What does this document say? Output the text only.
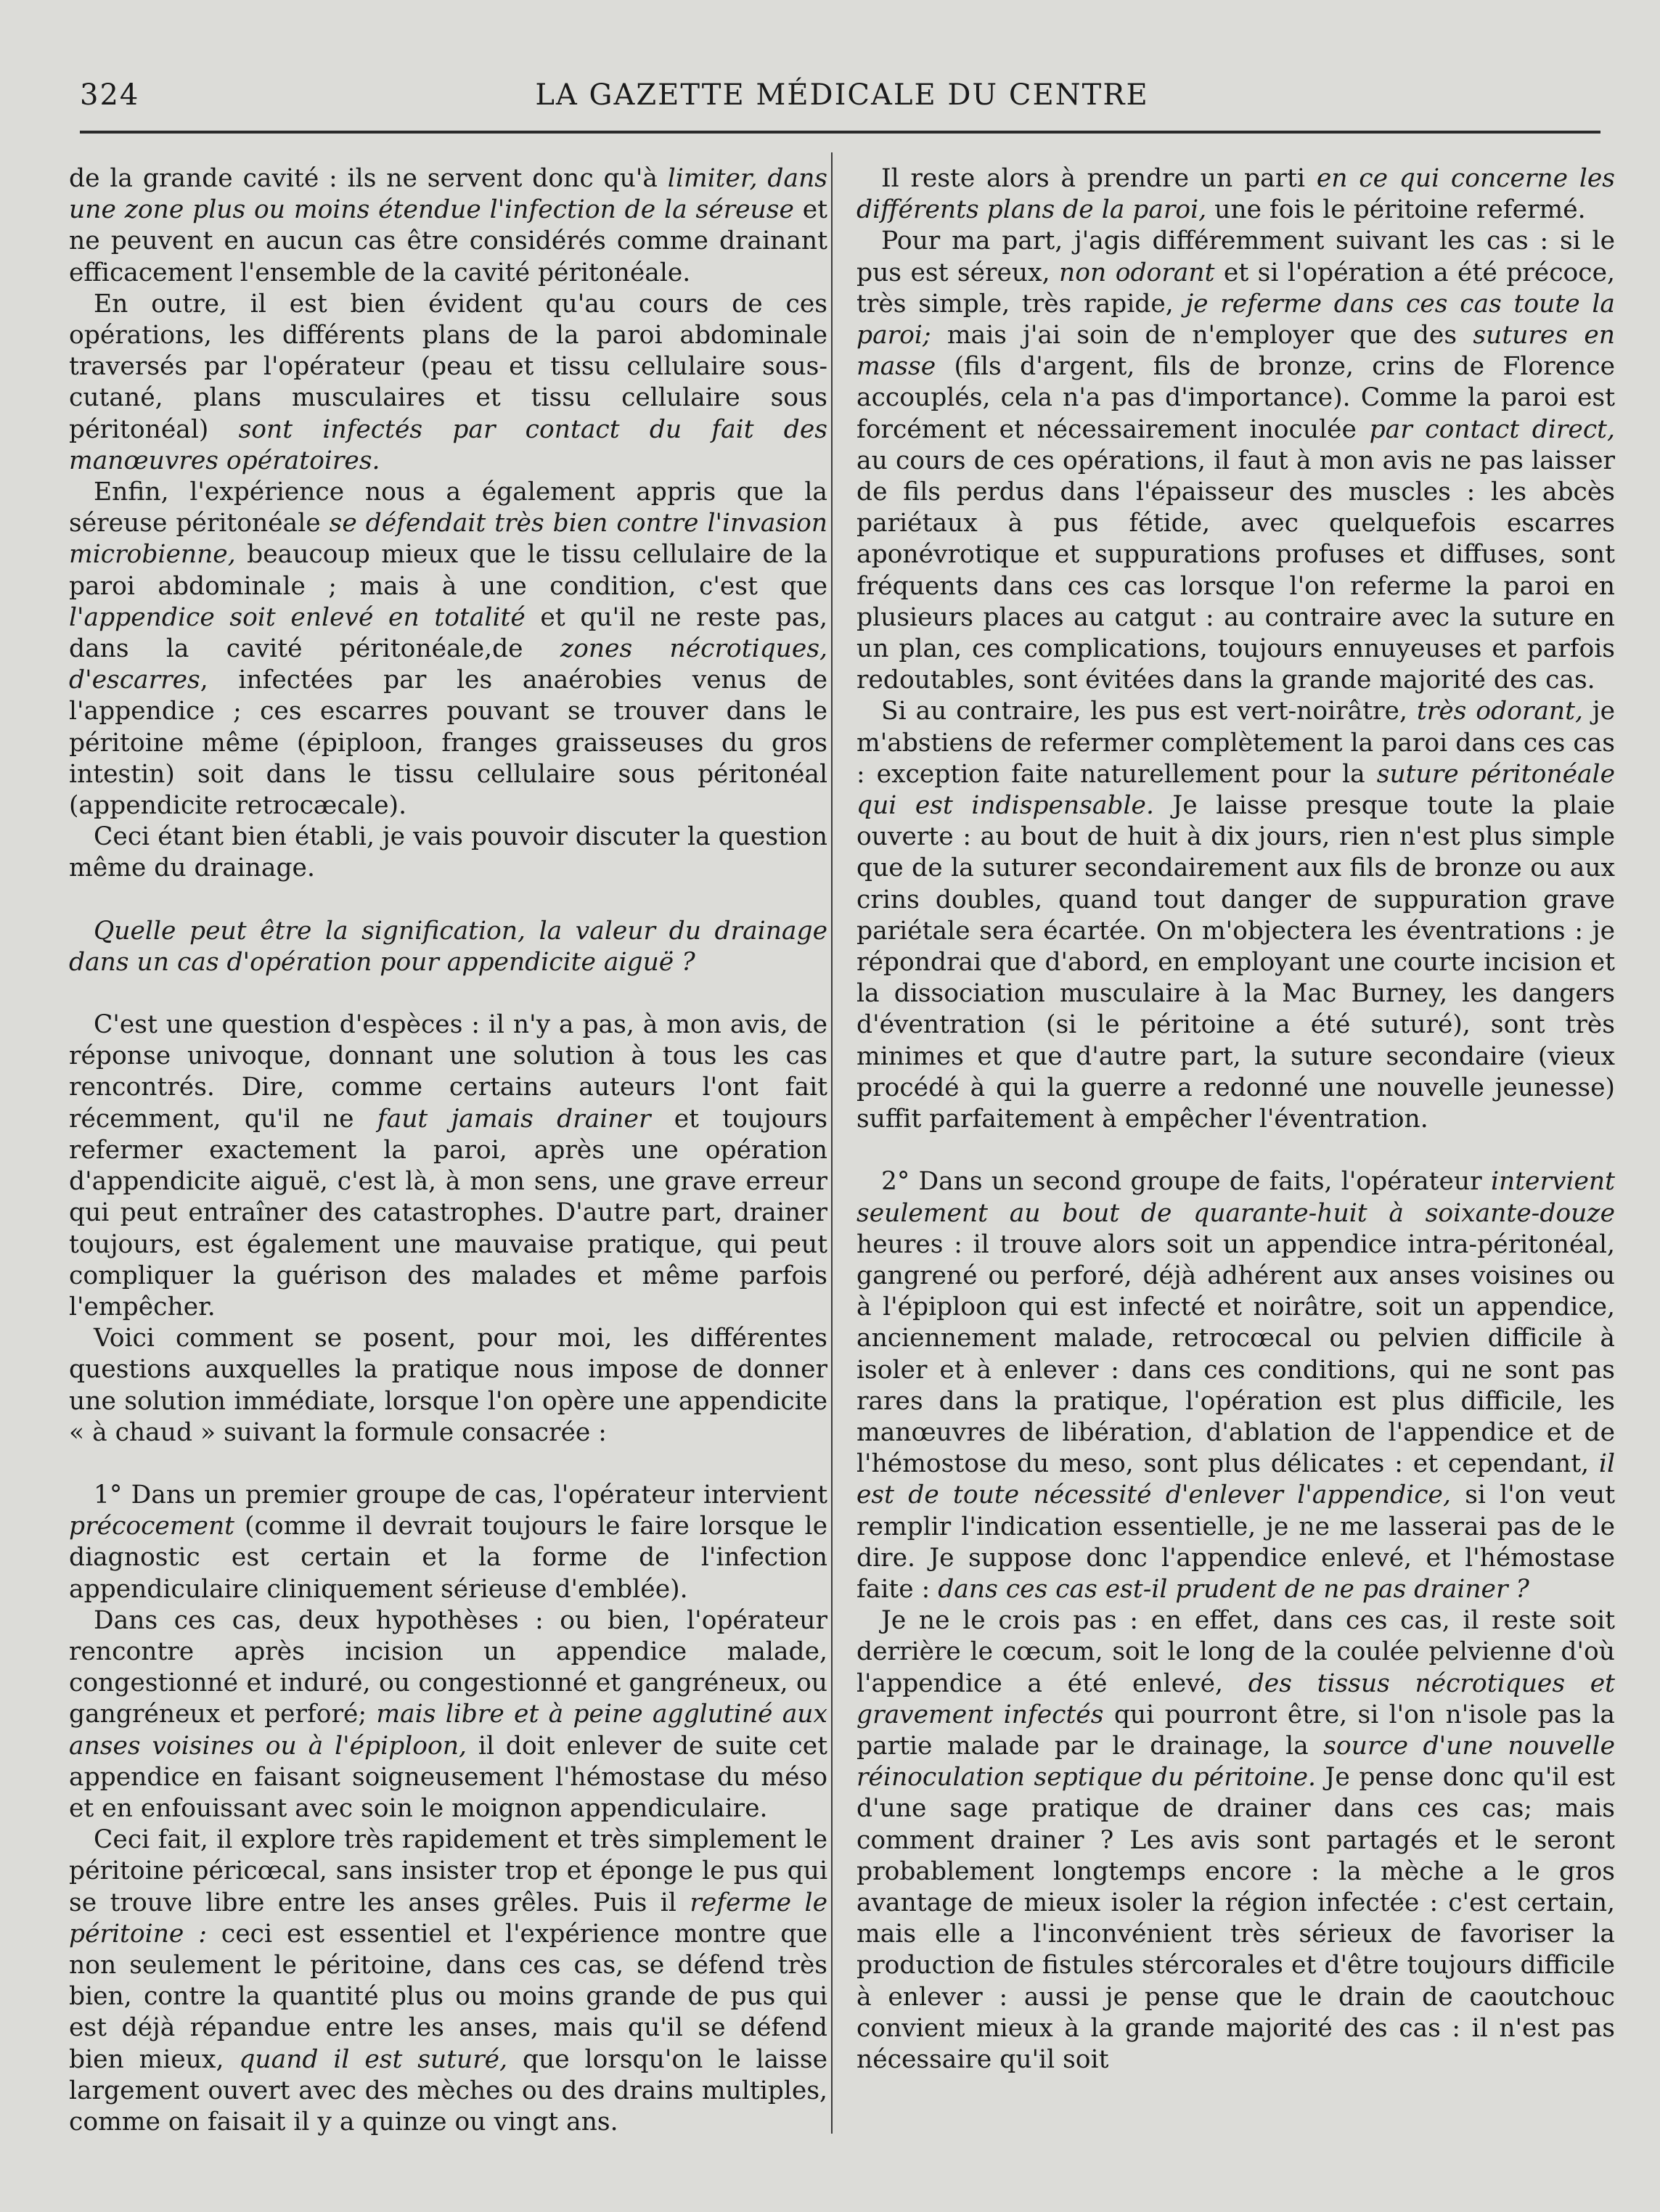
324	LA GAZETTE MÉDICALE DU CENTRE

de la grande cavité : ils ne servent donc qu'à limiter, dans une zone plus ou moins étendue l'infection de la séreuse et ne peuvent en aucun cas être considérés comme drainant efficacement l'ensemble de la cavité péritonéale.

En outre, il est bien évident qu'au cours de ces opérations, les différents plans de la paroi abdominale traversés par l'opérateur (peau et tissu cellulaire sous-cutané, plans musculaires et tissu cellulaire sous péritonéal) sont infectés par contact du fait des manœuvres opératoires.

Enfin, l'expérience nous a également appris que la séreuse péritonéale se défendait très bien contre l'invasion microbienne, beaucoup mieux que le tissu cellulaire de la paroi abdominale ; mais à une condition, c'est que l'appendice soit enlevé en totalité et qu'il ne reste pas, dans la cavité péritonéale,de zones nécrotiques, d'escarres, infectées par les anaérobies venus de l'appendice ; ces escarres pouvant se trouver dans le péritoine même (épiploon, franges graisseuses du gros intestin) soit dans le tissu cellulaire sous péritonéal (appendicite retrocæcale).

Ceci étant bien établi, je vais pouvoir discuter la question même du drainage.

Quelle peut être la signification, la valeur du drainage dans un cas d'opération pour appendicite aiguë ?

C'est une question d'espèces : il n'y a pas, à mon avis, de réponse univoque, donnant une solution à tous les cas rencontrés. Dire, comme certains auteurs l'ont fait récemment, qu'il ne faut jamais drainer et toujours refermer exactement la paroi, après une opération d'appendicite aiguë, c'est là, à mon sens, une grave erreur qui peut entraîner des catastrophes. D'autre part, drainer toujours, est également une mauvaise pratique, qui peut compliquer la guérison des malades et même parfois l'empêcher.

Voici comment se posent, pour moi, les différentes questions auxquelles la pratique nous impose de donner une solution immédiate, lorsque l'on opère une appendicite « à chaud » suivant la formule consacrée :

1° Dans un premier groupe de cas, l'opérateur intervient précocement (comme il devrait toujours le faire lorsque le diagnostic est certain et la forme de l'infection appendiculaire cliniquement sérieuse d'emblée).

Dans ces cas, deux hypothèses : ou bien, l'opérateur rencontre après incision un appendice malade, congestionné et induré, ou congestionné et gangréneux, ou gangréneux et perforé; mais libre et à peine agglutiné aux anses voisines ou à l'épiploon, il doit enlever de suite cet appendice en faisant soigneusement l'hémostase du méso et en enfouissant avec soin le moignon appendiculaire.

Ceci fait, il explore très rapidement et très simplement le péritoine péricœcal, sans insister trop et éponge le pus qui se trouve libre entre les anses grêles. Puis il referme le péritoine : ceci est essentiel et l'expérience montre que non seulement le péritoine, dans ces cas, se défend très bien, contre la quantité plus ou moins grande de pus qui est déjà répandue entre les anses, mais qu'il se défend bien mieux, quand il est suturé, que lorsqu'on le laisse largement ouvert avec des mèches ou des drains multiples, comme on faisait il y a quinze ou vingt ans.

Il reste alors à prendre un parti en ce qui concerne les différents plans de la paroi, une fois le péritoine refermé.

Pour ma part, j'agis différemment suivant les cas : si le pus est séreux, non odorant et si l'opération a été précoce, très simple, très rapide, je referme dans ces cas toute la paroi; mais j'ai soin de n'employer que des sutures en masse (fils d'argent, fils de bronze, crins de Florence accouplés, cela n'a pas d'importance). Comme la paroi est forcément et nécessairement inoculée par contact direct, au cours de ces opérations, il faut à mon avis ne pas laisser de fils perdus dans l'épaisseur des muscles : les abcès pariétaux à pus fétide, avec quelquefois escarres aponévrotique et suppurations profuses et diffuses, sont fréquents dans ces cas lorsque l'on referme la paroi en plusieurs places au catgut : au contraire avec la suture en un plan, ces complications, toujours ennuyeuses et parfois redoutables, sont évitées dans la grande majorité des cas.

Si au contraire, les pus est vert-noirâtre, très odorant, je m'abstiens de refermer complètement la paroi dans ces cas : exception faite naturellement pour la suture péritonéale qui est indispensable. Je laisse presque toute la plaie ouverte : au bout de huit à dix jours, rien n'est plus simple que de la suturer secondairement aux fils de bronze ou aux crins doubles, quand tout danger de suppuration grave pariétale sera écartée. On m'objectera les éventrations : je répondrai que d'abord, en employant une courte incision et la dissociation musculaire à la Mac Burney, les dangers d'éventration (si le péritoine a été suturé), sont très minimes et que d'autre part, la suture secondaire (vieux procédé à qui la guerre a redonné une nouvelle jeunesse) suffit parfaitement à empêcher l'éventration.

2° Dans un second groupe de faits, l'opérateur intervient seulement au bout de quarante-huit à soixante-douze heures : il trouve alors soit un appendice intra-péritonéal, gangrené ou perforé, déjà adhérent aux anses voisines ou à l'épiploon qui est infecté et noirâtre, soit un appendice, anciennement malade, retrocœcal ou pelvien difficile à isoler et à enlever : dans ces conditions, qui ne sont pas rares dans la pratique, l'opération est plus difficile, les manœuvres de libération, d'ablation de l'appendice et de l'hémostose du meso, sont plus délicates : et cependant, il est de toute nécessité d'enlever l'appendice, si l'on veut remplir l'indication essentielle, je ne me lasserai pas de le dire. Je suppose donc l'appendice enlevé, et l'hémostase faite : dans ces cas est-il prudent de ne pas drainer ?

Je ne le crois pas : en effet, dans ces cas, il reste soit derrière le cœcum, soit le long de la coulée pelvienne d'où l'appendice a été enlevé, des tissus nécrotiques et gravement infectés qui pourront être, si l'on n'isole pas la partie malade par le drainage, la source d'une nouvelle réinoculation septique du péritoine. Je pense donc qu'il est d'une sage pratique de drainer dans ces cas; mais comment drainer ? Les avis sont partagés et le seront probablement longtemps encore : la mèche a le gros avantage de mieux isoler la région infectée : c'est certain, mais elle a l'inconvénient très sérieux de favoriser la production de fistules stércorales et d'être toujours difficile à enlever : aussi je pense que le drain de caoutchouc convient mieux à la grande majorité des cas : il n'est pas nécessaire qu'il soit
